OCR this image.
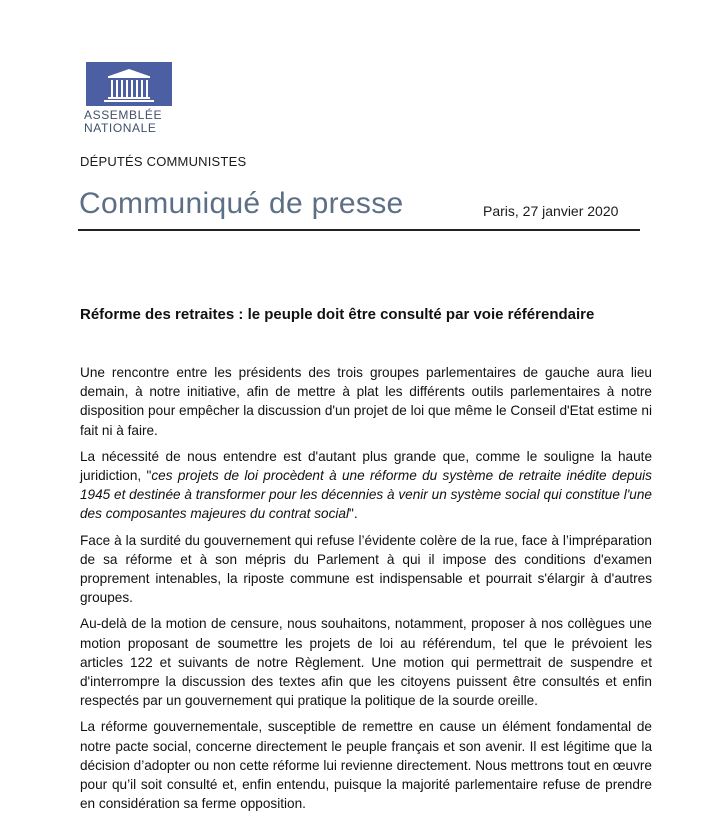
ASSEMBLÉE
NATIONALE
DÉPUTÉS COMMUNISTES
Communiqué de presse	Paris, 27 janvier 2020
Réforme des retraites : le peuple doit être consulté par voie référendaire

Une rencontre entre les présidents des trois groupes parlementaires de gauche aura lieu demain, à notre initiative, afin de mettre à plat les différents outils parlementaires à notre disposition pour empêcher la discussion d'un projet de loi que même le Conseil d'Etat estime ni fait ni à faire.

La nécessité de nous entendre est d'autant plus grande que, comme le souligne la haute juridiction, "ces projets de loi procèdent à une réforme du système de retraite inédite depuis 1945 et destinée à transformer pour les décennies à venir un système social qui constitue l'une des composantes majeures du contrat social".

Face à la surdité du gouvernement qui refuse l’évidente colère de la rue, face à l’impréparation de sa réforme et à son mépris du Parlement à qui il impose des conditions d'examen proprement intenables, la riposte commune est indispensable et pourrait s'élargir à d'autres groupes.

Au-delà de la motion de censure, nous souhaitons, notamment, proposer à nos collègues une motion proposant de soumettre les projets de loi au référendum, tel que le prévoient les articles 122 et suivants de notre Règlement. Une motion qui permettrait de suspendre et d'interrompre la discussion des textes afin que les citoyens puissent être consultés et enfin respectés par un gouvernement qui pratique la politique de la sourde oreille.

La réforme gouvernementale, susceptible de remettre en cause un élément fondamental de notre pacte social, concerne directement le peuple français et son avenir. Il est légitime que la décision d’adopter ou non cette réforme lui revienne directement. Nous mettrons tout en œuvre pour qu’il soit consulté et, enfin entendu, puisque la majorité parlementaire refuse de prendre en considération sa ferme opposition.
